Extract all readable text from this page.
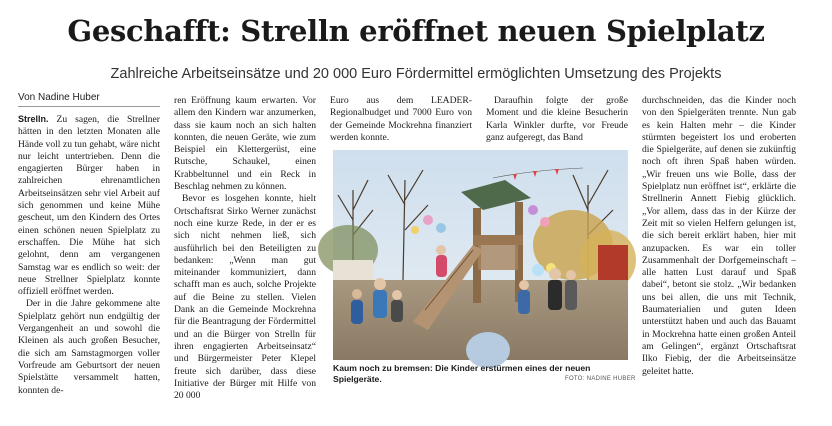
Geschafft: Strelln eröffnet neuen Spielplatz
Zahlreiche Arbeitseinsätze und 20 000 Euro Fördermittel ermöglichten Umsetzung des Projekts
Von Nadine Huber

Strelln. Zu sagen, die Strellner hätten in den letzten Monaten alle Hände voll zu tun gehabt, wäre nicht nur leicht untertrieben. Denn die engagierten Bürger haben in zahlreichen ehrenamtlichen Arbeitseinsätzen sehr viel Arbeit auf sich genommen und keine Mühe gescheut, um den Kindern des Ortes einen schönen neuen Spielplatz zu erschaffen. Die Mühe hat sich gelohnt, denn am vergangenen Samstag war es endlich so weit: der neue Strellner Spielplatz konnte offiziell eröffnet werden.

Der in die Jahre gekommene alte Spielplatz gehört nun endgültig der Vergangenheit an und sowohl die Kleinen als auch großen Besucher, die sich am Samstagmorgen voller Vorfreude am Geburtsort der neuen Spielstätte versammelt hatten, konnten de-

ren Eröffnung kaum erwarten. Vor allem den Kindern war anzumerken, dass sie kaum noch an sich halten konnten, die neuen Geräte, wie zum Beispiel ein Klettergerüst, eine Rutsche, Schaukel, einen Krabbeltunnel und ein Reck in Beschlag nehmen zu können.

Bevor es losgehen konnte, hielt Ortschaftsrat Sirko Werner zunächst noch eine kurze Rede, in der er es sich nicht nehmen ließ, sich ausführlich bei den Beteiligten zu bedanken: „Wenn man gut miteinander kommuniziert, dann schafft man es auch, solche Projekte auf die Beine zu stellen. Vielen Dank an die Gemeinde Mockrehna für die Beantragung der Fördermittel und an die Bürger von Strelln für ihren engagierten Arbeitseinsatz“ und Bürgermeister Peter Klepel freute sich darüber, dass diese Initiative der Bürger mit Hilfe von 20 000

Euro aus dem LEADER-Regionalbudget und 7000 Euro von der Gemeinde Mockrehna finanziert werden konnte.

Daraufhin folgte der große Moment und die kleine Besucherin Karla Winkler durfte, vor Freude ganz aufgeregt, das Band

durchschneiden, das die Kinder noch von den Spielgeräten trennte. Nun gab es kein Halten mehr – die Kinder stürmten begeistert los und eroberten die Spielgeräte, auf denen sie zukünftig noch oft ihren Spaß haben würden. „Wir freuen uns wie Bolle, dass der Spielplatz nun eröffnet ist“, erklärte die Strellnerin Annett Fiebig glücklich. „Vor allem, dass das in der Kürze der Zeit mit so vielen Helfern gelungen ist, die sich bereit erklärt haben, hier mit anzupacken. Es war ein toller Zusammenhalt der Dorfgemeinschaft – alle hatten Lust darauf und Spaß dabei“, betont sie stolz. „Wir bedanken uns bei allen, die uns mit Technik, Baumaterialien und guten Ideen unterstützt haben und auch das Bauamt in Mockrehna hatte einen großen Anteil am Gelingen“, ergänzt Ortschaftsrat Ilko Fiebig, der die Arbeitseinsätze geleitet hatte.

Kaum noch zu bremsen: Die Kinder erstürmen eines der neuen Spielgeräte.	FOTO: NADINE HUBER
